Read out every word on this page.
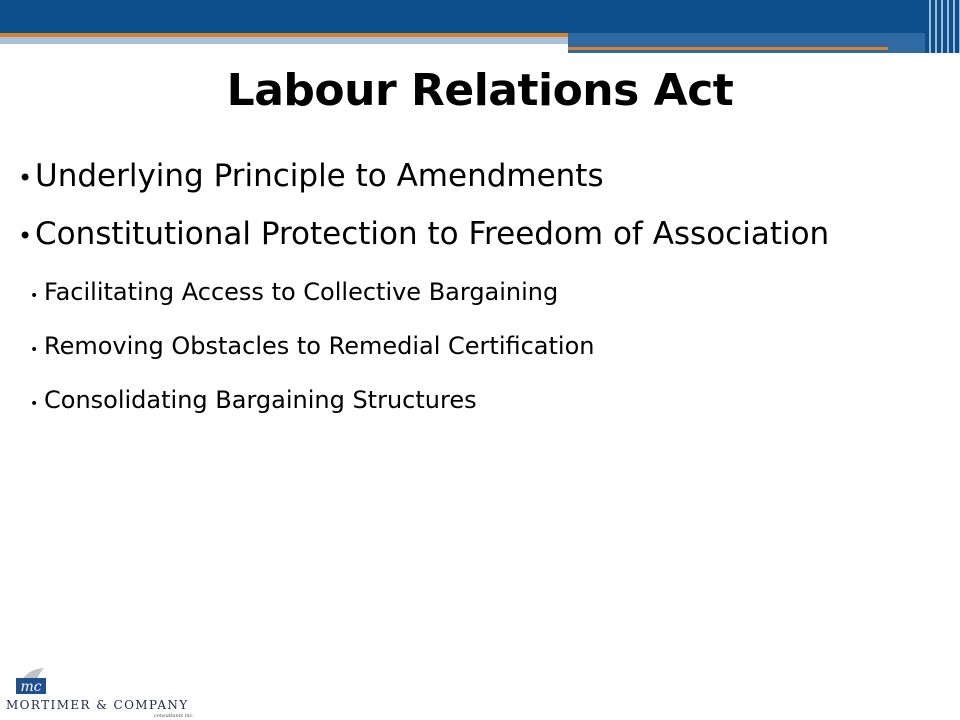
Labour Relations Act
• Underlying Principle to Amendments
• Constitutional Protection to Freedom of Association
• Facilitating Access to Collective Bargaining
• Removing Obstacles to Remedial Certification
• Consolidating Bargaining Structures
mc
MORTIMER & COMPANY
consultants inc.
